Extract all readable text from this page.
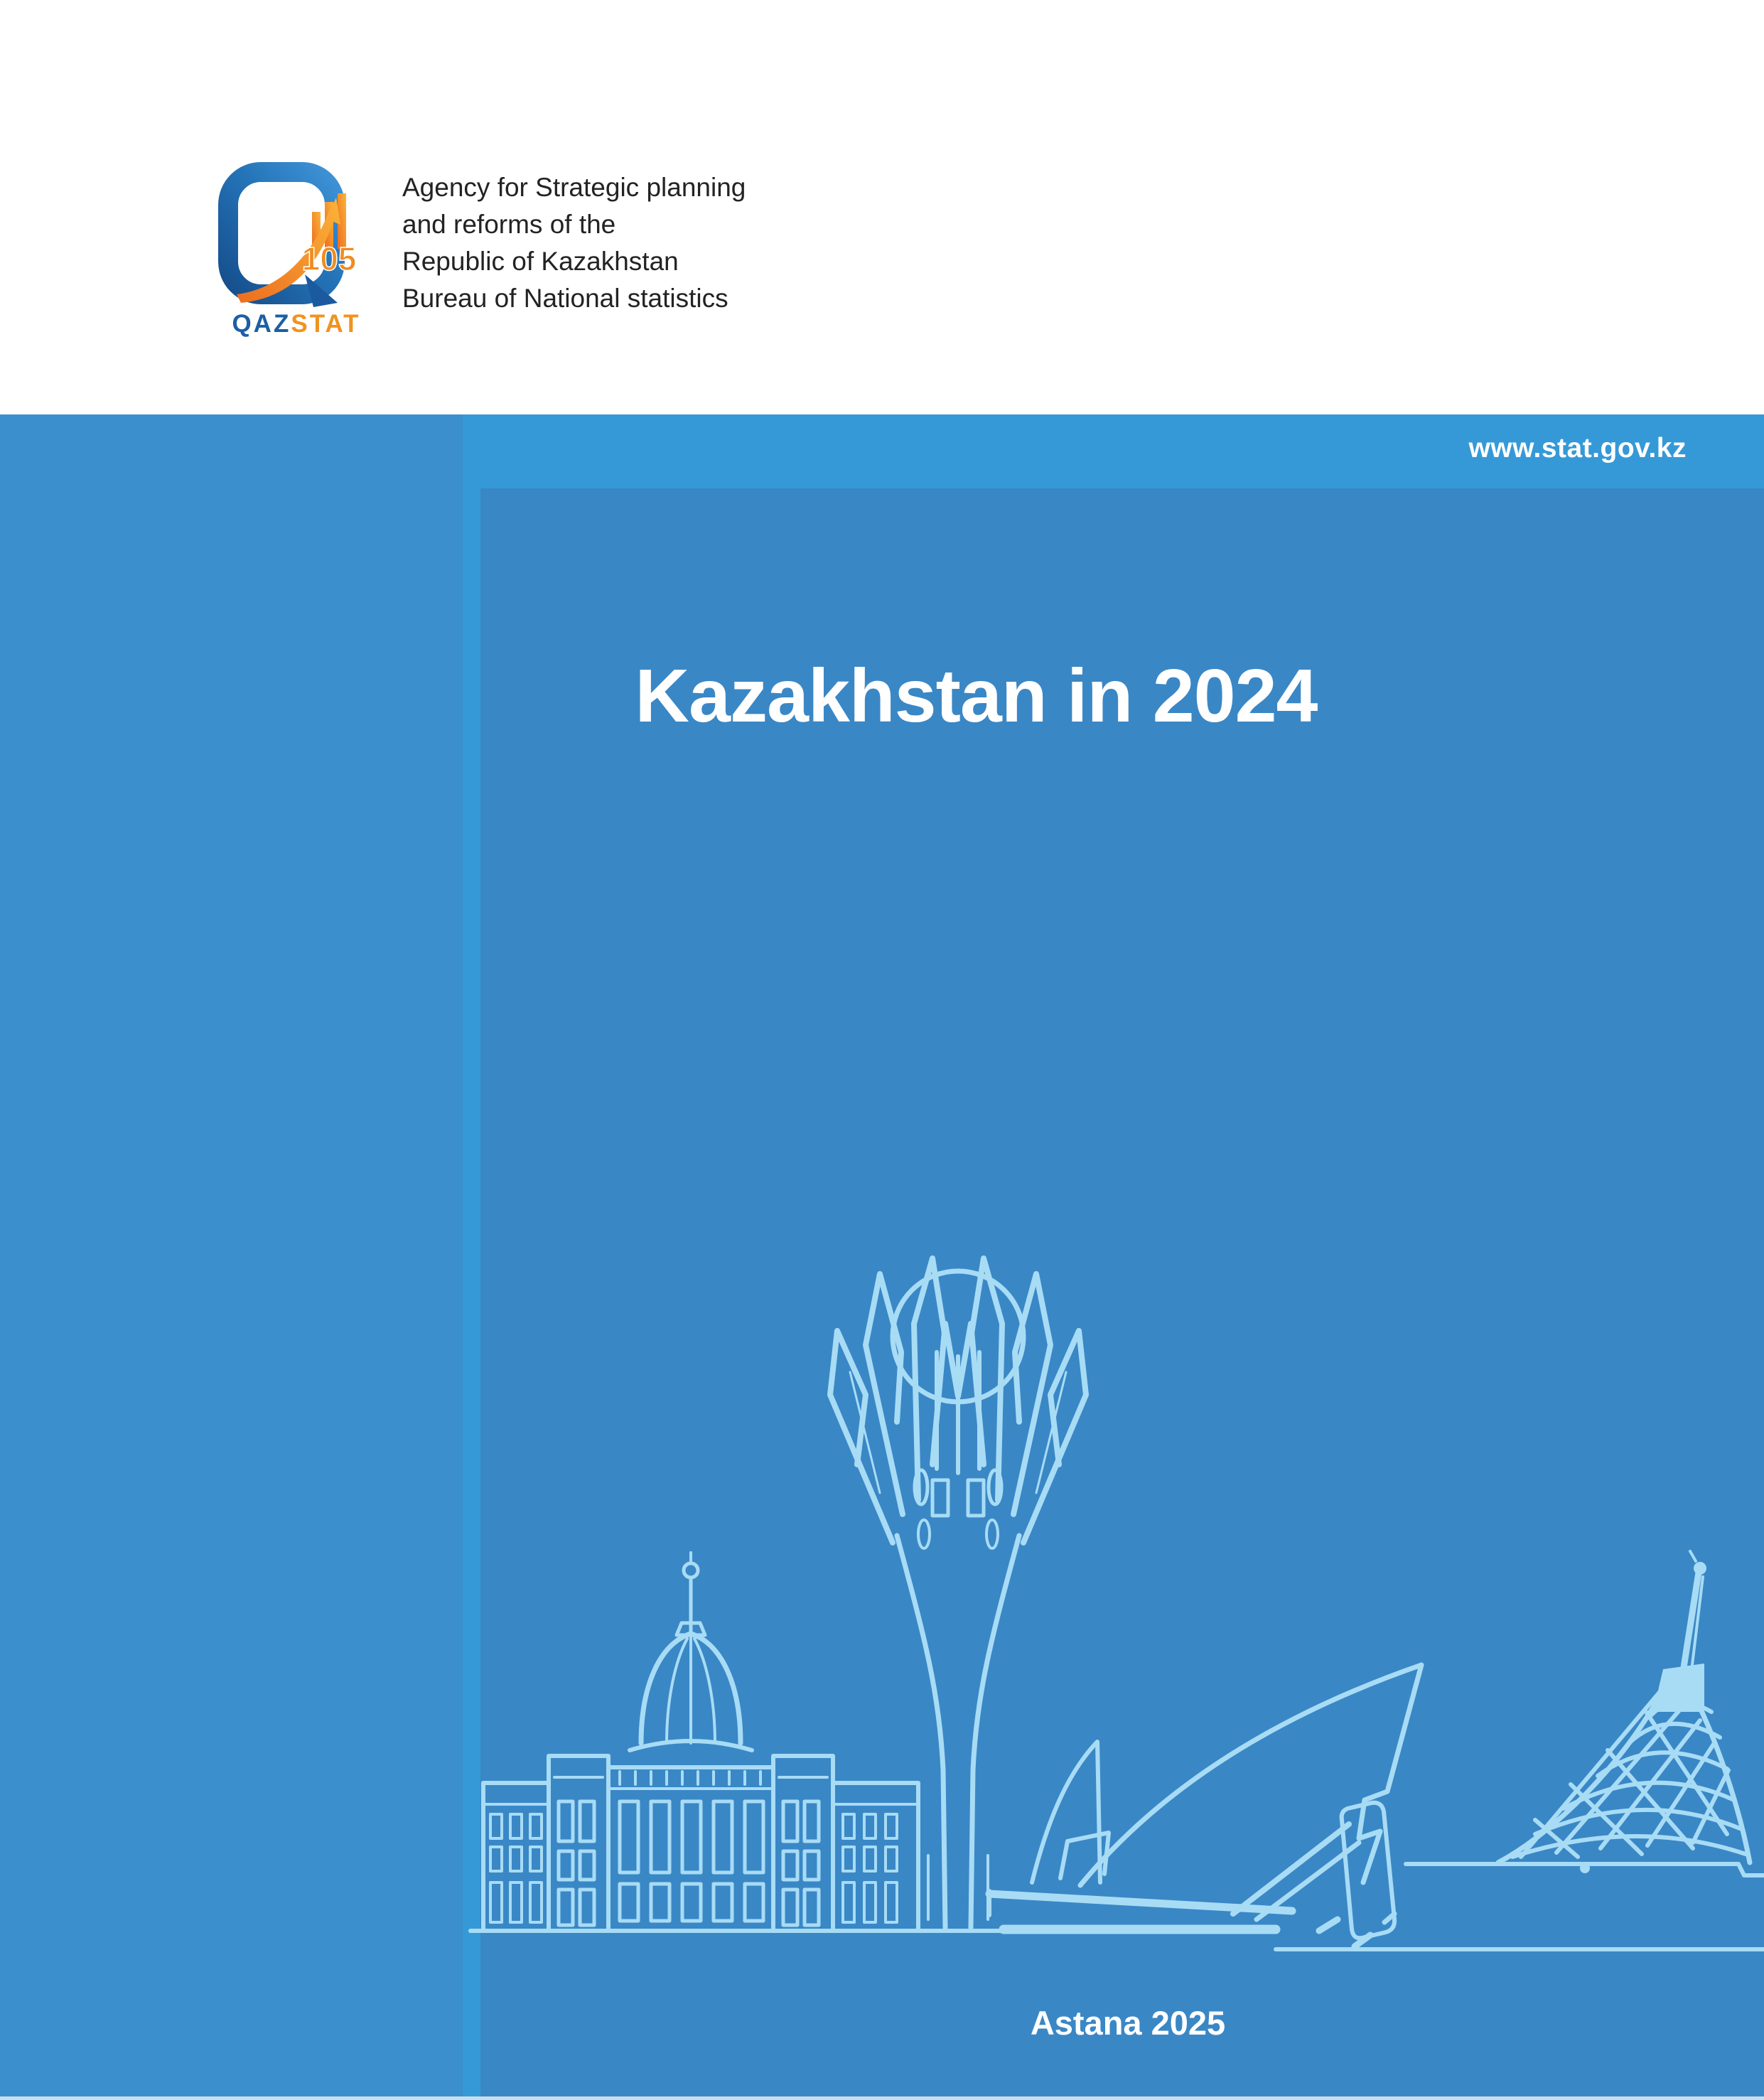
105
QAZSTAT
Agency for Strategic planning
and reforms of the
Republic of Kazakhstan
Bureau of National statistics
Kazakhstan in 2024
Astana 2025
www.stat.gov.kz
